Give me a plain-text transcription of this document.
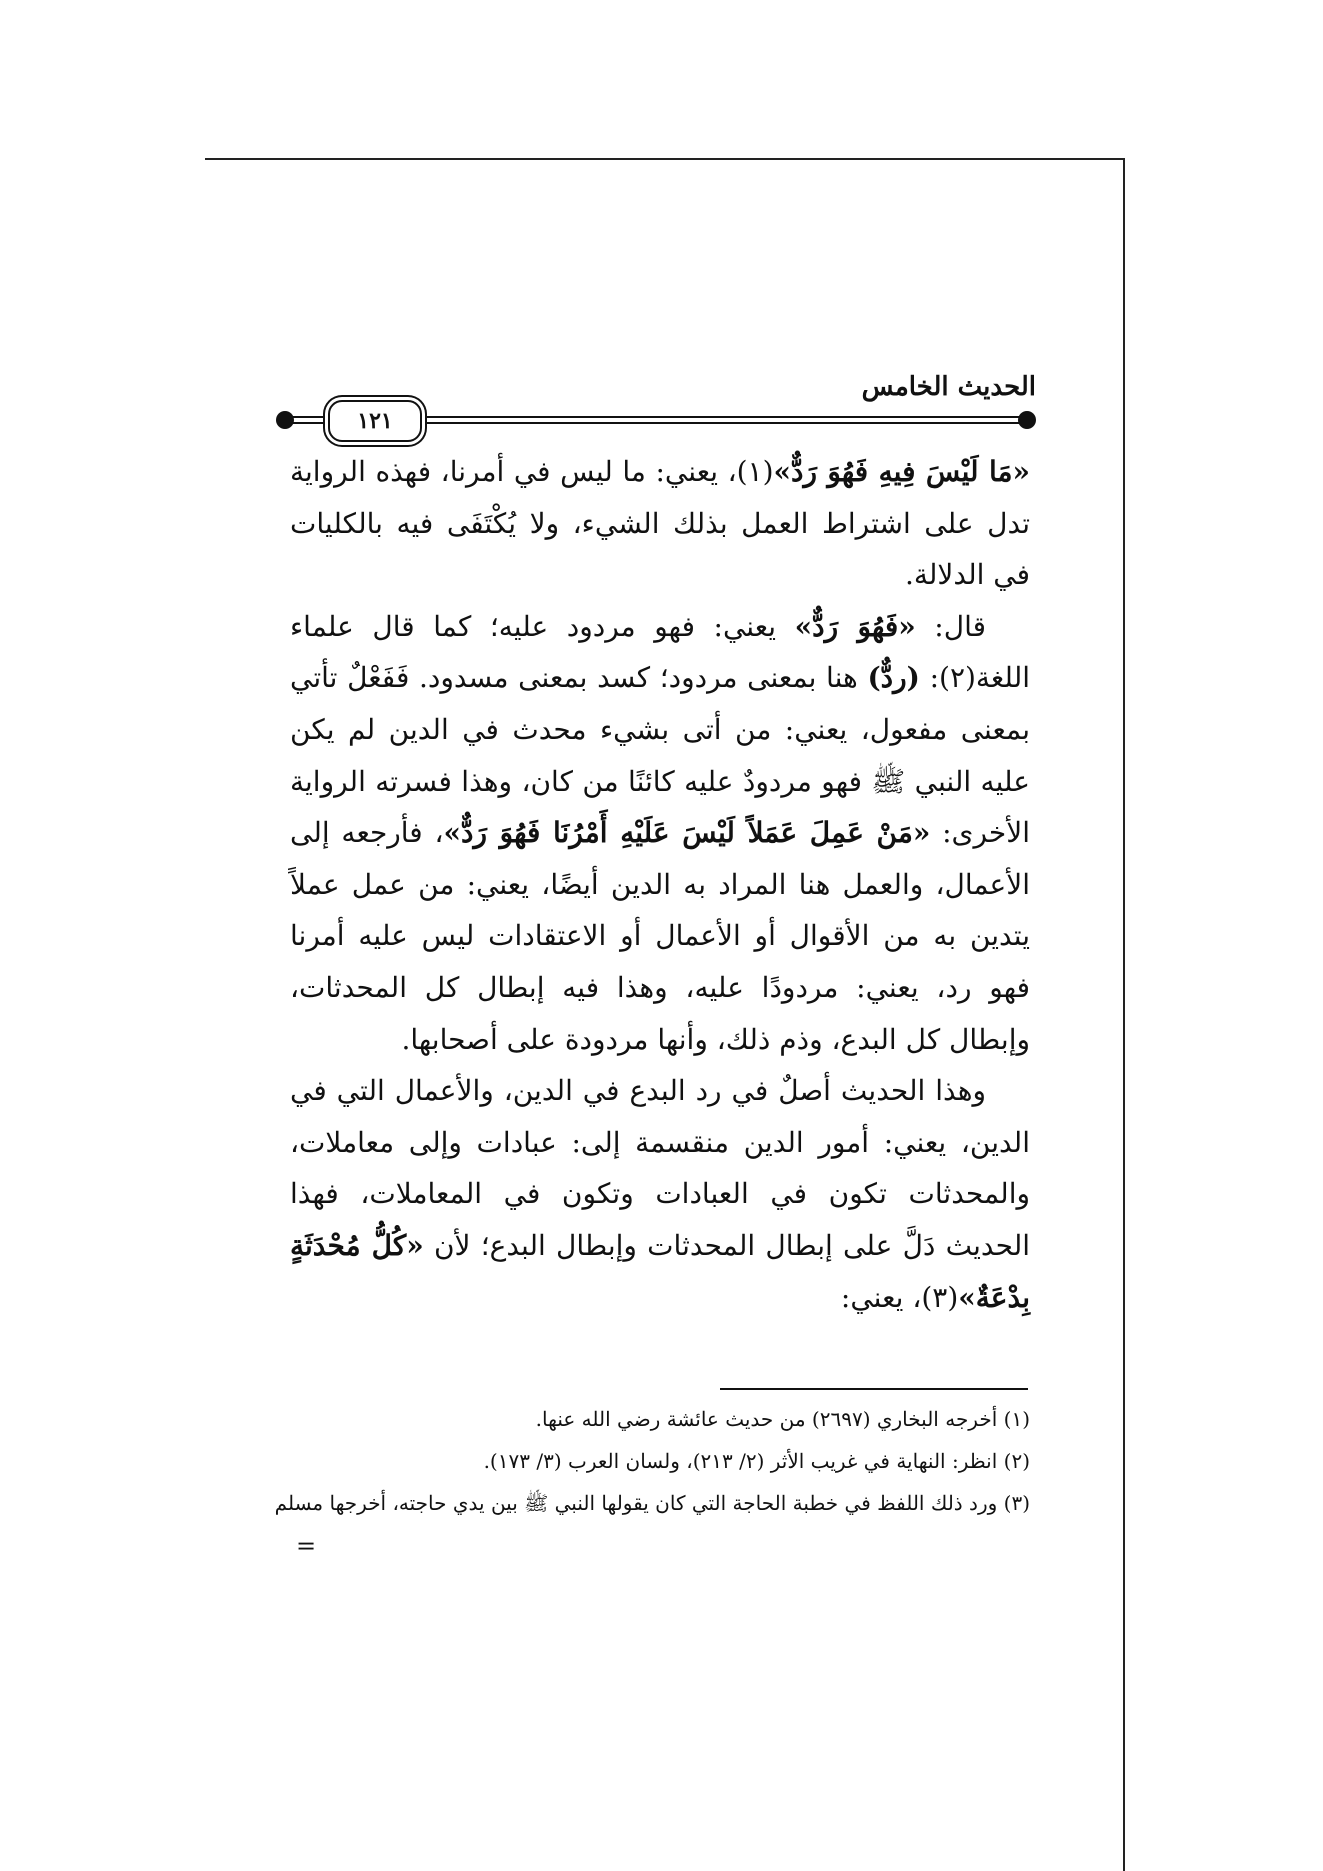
الحديث الخامس
١٢١

«مَا لَيْسَ فِيهِ فَهُوَ رَدٌّ»(١)، يعني: ما ليس في أمرنا، فهذه الرواية تدل على اشتراط العمل بذلك الشيء، ولا يُكْتَفَى فيه بالكليات في الدلالة.

قال: «فَهُوَ رَدٌّ» يعني: فهو مردود عليه؛ كما قال علماء اللغة(٢): (ردٌّ) هنا بمعنى مردود؛ كسد بمعنى مسدود. فَفَعْلٌ تأتي بمعنى مفعول، يعني: من أتى بشيء محدث في الدين لم يكن عليه النبي ﷺ فهو مردودٌ عليه كائنًا من كان، وهذا فسرته الرواية الأخرى: «مَنْ عَمِلَ عَمَلاً لَيْسَ عَلَيْهِ أَمْرُنَا فَهُوَ رَدٌّ»، فأرجعه إلى الأعمال، والعمل هنا المراد به الدين أيضًا، يعني: من عمل عملاً يتدين به من الأقوال أو الأعمال أو الاعتقادات ليس عليه أمرنا فهو رد، يعني: مردودًا عليه، وهذا فيه إبطال كل المحدثات، وإبطال كل البدع، وذم ذلك، وأنها مردودة على أصحابها.

وهذا الحديث أصلٌ في رد البدع في الدين، والأعمال التي في الدين، يعني: أمور الدين منقسمة إلى: عبادات وإلى معاملات، والمحدثات تكون في العبادات وتكون في المعاملات، فهذا الحديث دَلَّ على إبطال المحدثات وإبطال البدع؛ لأن «كُلُّ مُحْدَثَةٍ بِدْعَةٌ»(٣)، يعني:

(١) أخرجه البخاري (٢٦٩٧) من حديث عائشة رضي الله عنها.

(٢) انظر: النهاية في غريب الأثر (٢/ ٢١٣)، ولسان العرب (٣/ ١٧٣).

(٣) ورد ذلك اللفظ في خطبة الحاجة التي كان يقولها النبي ﷺ بين يدي حاجته، أخرجها مسلم

=
